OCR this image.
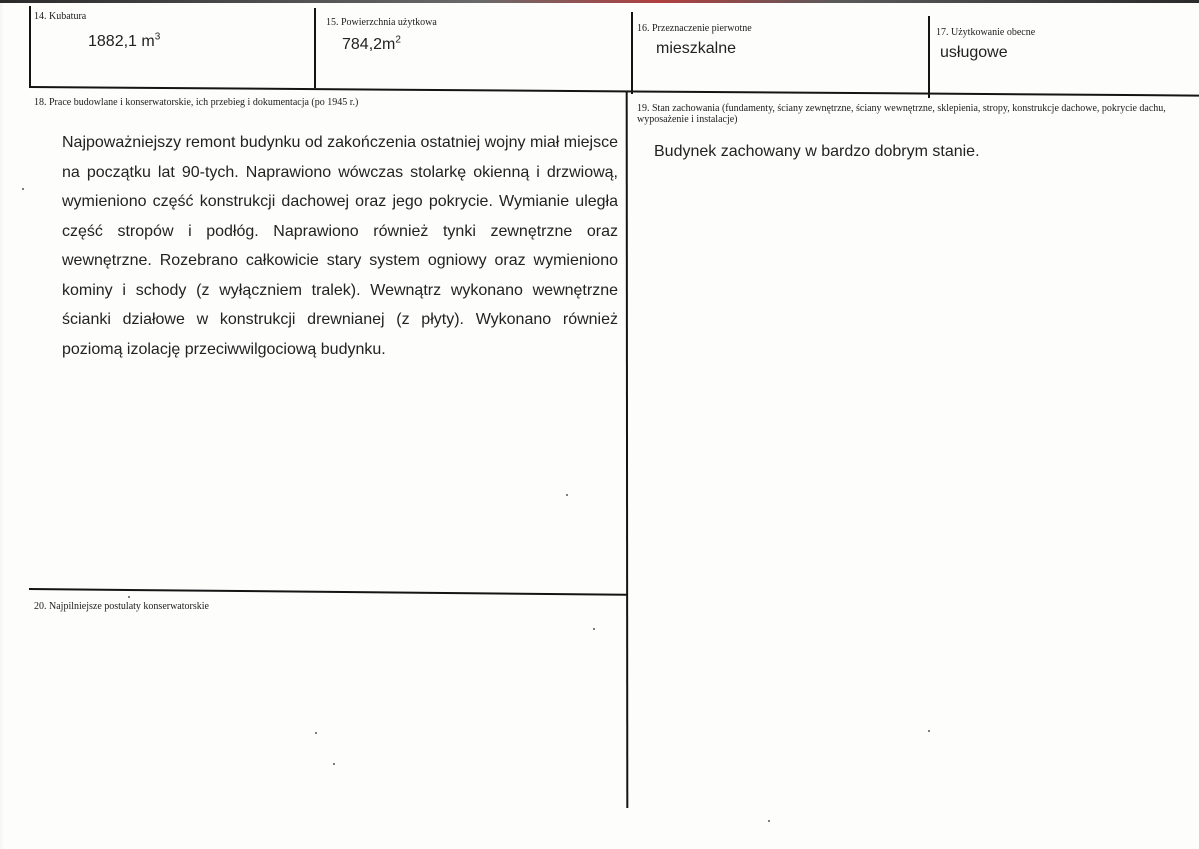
14. Kubatura
1882,1 $m^3$
15. Powierzchnia użytkowa
$784,2m^2$
16. Przeznaczenie pierwotne
mieszkalne
17. Użytkowanie obecne
usługowe
18. Prace budowlane i konserwatorskie, ich przebieg i dokumentacja (po 1945 r.)
Najpoważniejszy remont budynku od zakończenia ostatniej wojny miał miejsce na początku lat 90-tych. Naprawiono wówczas stolarkę okienną i drzwiową, wymieniono część konstrukcji dachowej oraz jego pokrycie. Wymianie uległa część stropów i podłóg. Naprawiono również tynki zewnętrzne oraz wewnętrzne. Rozebrano całkowicie stary system ogniowy oraz wymieniono kominy i schody (z wyłączniem tralek). Wewnątrz wykonano wewnętrzne ścianki działowe w konstrukcji drewnianej (z płyty). Wykonano również poziomą izolację przeciwwilgociową budynku.
19. Stan zachowania (fundamenty, ściany zewnętrzne, ściany wewnętrzne, sklepienia, stropy, konstrukcje dachowe, pokrycie dachu, wyposażenie i instalacje)
Budynek zachowany w bardzo dobrym stanie.
20. Najpilniejsze postulaty konserwatorskie
